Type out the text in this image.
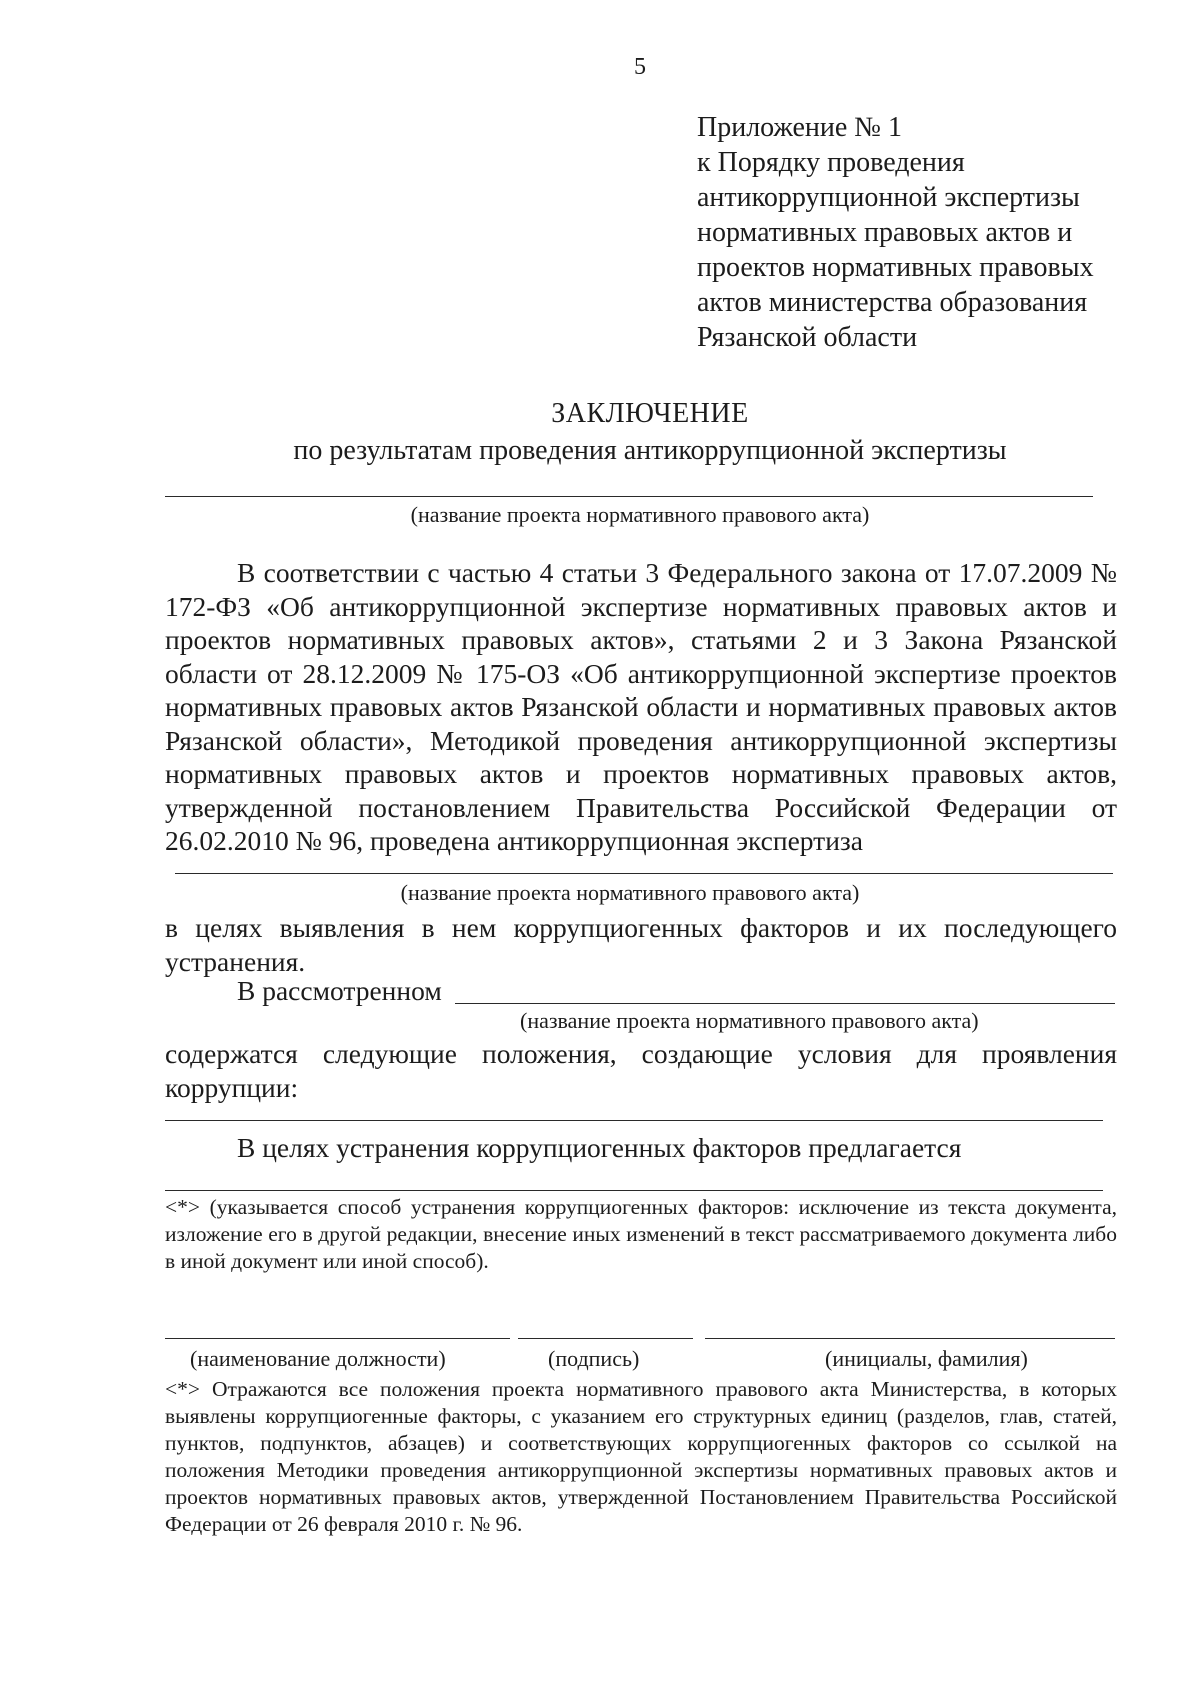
5
Приложение № 1
к Порядку проведения
антикоррупционной экспертизы
нормативных правовых актов и
проектов нормативных правовых
актов министерства образования
Рязанской области
ЗАКЛЮЧЕНИЕ
по результатам проведения антикоррупционной экспертизы
(название проекта нормативного правового акта)
В соответствии с частью 4 статьи 3 Федерального закона от 17.07.2009 № 172-ФЗ «Об антикоррупционной экспертизе нормативных правовых актов и проектов нормативных правовых актов», статьями 2 и 3 Закона Рязанской области от 28.12.2009 № 175-ОЗ «Об антикоррупционной экспертизе проектов нормативных правовых актов Рязанской области и нормативных правовых актов Рязанской области», Методикой проведения антикоррупционной экспертизы нормативных правовых актов и проектов нормативных правовых актов, утвержденной постановлением Правительства Российской Федерации от 26.02.2010 № 96, проведена антикоррупционная экспертиза
(название проекта нормативного правового акта)
в целях выявления в нем коррупциогенных факторов и их последующего устранения.
В рассмотренном
(название проекта нормативного правового акта)
содержатся следующие положения, создающие условия для проявления коррупции:
В целях устранения коррупциогенных факторов предлагается
<*> (указывается способ устранения коррупциогенных факторов: исключение из текста документа, изложение его в другой редакции, внесение иных изменений в текст рассматриваемого документа либо в иной документ или иной способ).
(наименование должности)	(подпись)	(инициалы, фамилия)
<*> Отражаются все положения проекта нормативного правового акта Министерства, в которых выявлены коррупциогенные факторы, с указанием его структурных единиц (разделов, глав, статей, пунктов, подпунктов, абзацев) и соответствующих коррупциогенных факторов со ссылкой на положения Методики проведения антикоррупционной экспертизы нормативных правовых актов и проектов нормативных правовых актов, утвержденной Постановлением Правительства Российской Федерации от 26 февраля 2010 г. № 96.
